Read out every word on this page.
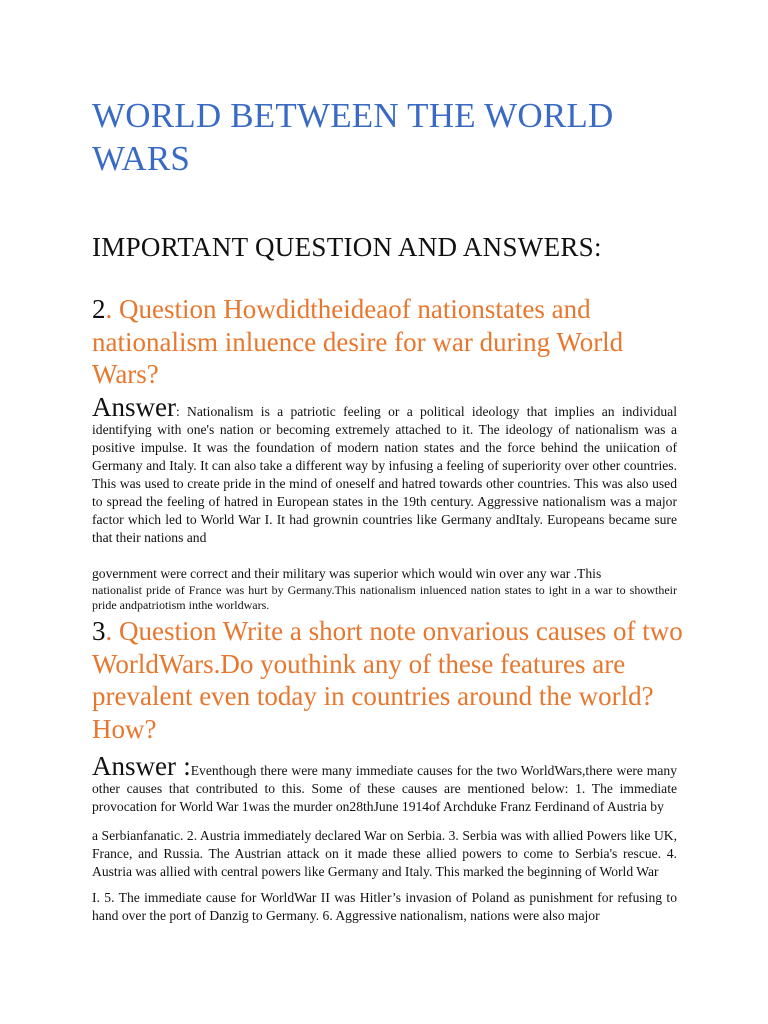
WORLD BETWEEN THE WORLD WARS
IMPORTANT QUESTION AND ANSWERS:

2. Question Howdidtheideaof nationstates and nationalism inluence desire for war during World Wars?

Answer: Nationalism is a patriotic feeling or a political ideology that implies an individual identifying with one's nation or becoming extremely attached to it. The ideology of nationalism was a positive impulse. It was the foundation of modern nation states and the force behind the uniication of Germany and Italy. It can also take a different way by infusing a feeling of superiority over other countries. This was used to create pride in the mind of oneself and hatred towards other countries. This was also used to spread the feeling of hatred in European states in the 19th century. Aggressive nationalism was a major factor which led to World War I. It had grownin countries like Germany andItaly. Europeans became sure that their nations and

government were correct and their military was superior which would win over any war .This

nationalist pride of France was hurt by Germany.This nationalism inluenced nation states to ight in a war to showtheir pride andpatriotism inthe worldwars.

3. Question Write a short note onvarious causes of two WorldWars.Do youthink any of these features are prevalent even today in countries around the world? How?

Answer :Eventhough there were many immediate causes for the two WorldWars,there were many other causes that contributed to this. Some of these causes are mentioned below: 1. The immediate provocation for World War 1was the murder on28thJune 1914of Archduke Franz Ferdinand of Austria by

a Serbianfanatic. 2. Austria immediately declared War on Serbia. 3. Serbia was with allied Powers like UK, France, and Russia. The Austrian attack on it made these allied powers to come to Serbia's rescue. 4. Austria was allied with central powers like Germany and Italy. This marked the beginning of World War

I. 5. The immediate cause for WorldWar II was Hitler’s invasion of Poland as punishment for refusing to hand over the port of Danzig to Germany. 6. Aggressive nationalism, nations were also major
